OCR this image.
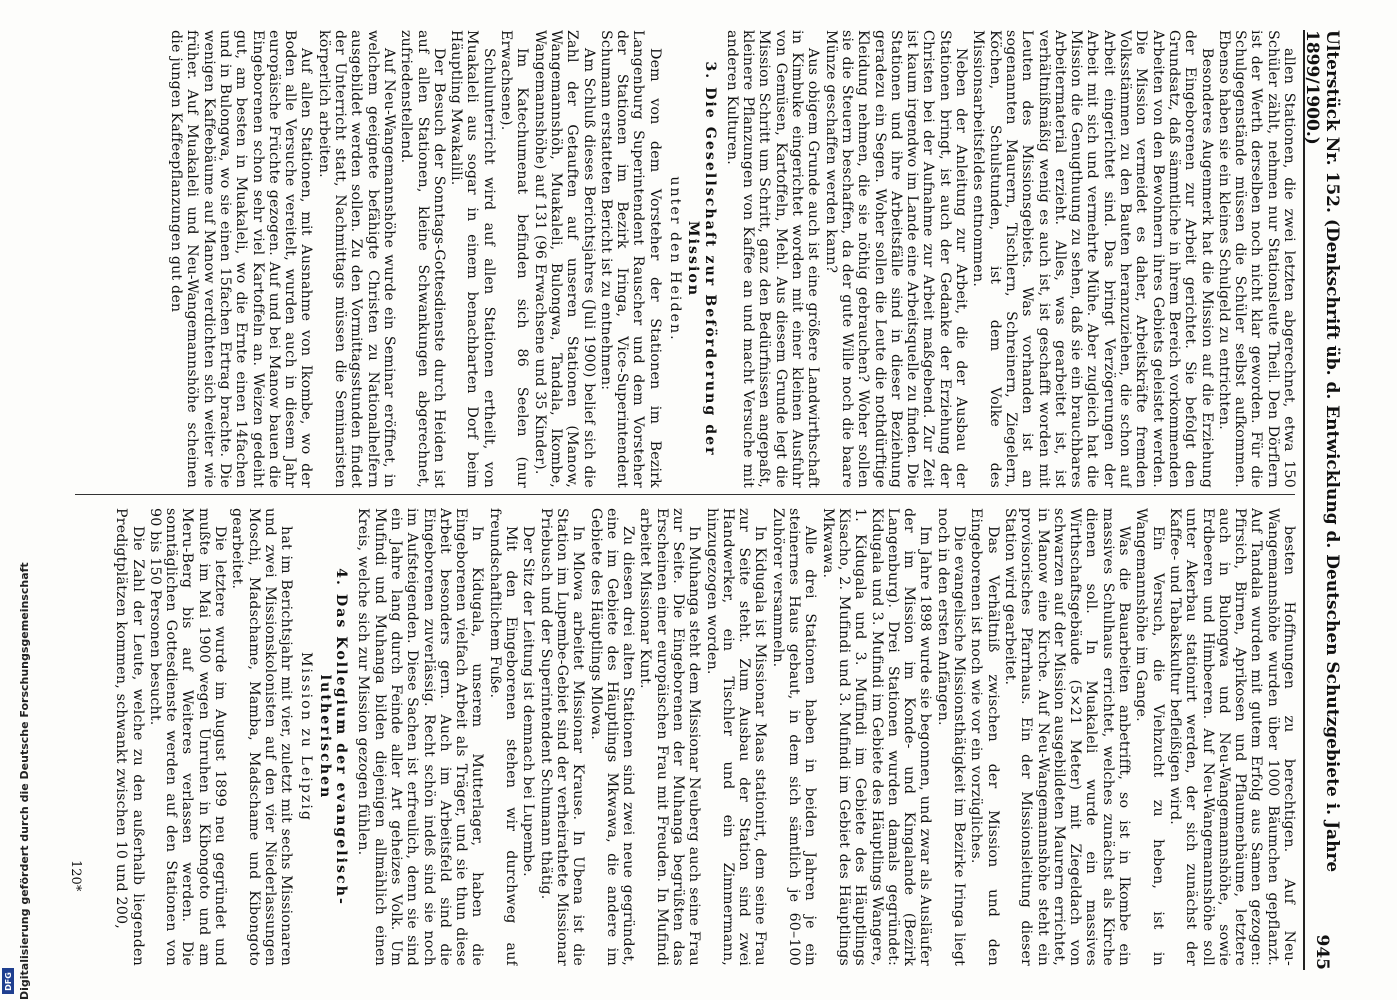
Ulterstück Nr. 152. (Denkschrift üb. d. Entwicklung d. Deutschen Schutzgebiete i. Jahre 1899/1900.)
945

allen Stationen, die zwei letzten abgerechnet, etwa 150 Schüler zählt, nehmen nur Stationsleute Theil. Den Dörflern ist der Werth derselben noch nicht klar geworden. Für die Schulgegenstände müssen die Schüler selbst aufkommen. Ebenso haben sie ein kleines Schulgeld zu entrichten.

Besonderes Augenmerk hat die Mission auf die Erziehung der Eingeborenen zur Arbeit gerichtet. Sie befolgt den Grundsatz, daß sämmtliche in ihrem Bereich vorkommenden Arbeiten von den Bewohnern ihres Gebiets geleistet werden. Die Mission vermeidet es daher, Arbeitskräfte fremden Volksstämmen zu den Bauten heranzuziehen, die schon auf Arbeit eingerichtet sind. Das bringt Verzögerungen der Arbeit mit sich und vermehrte Mühe. Aber zugleich hat die Mission die Genugthuung zu sehen, daß sie ein brauchbares Arbeitermaterial erzieht. Alles, was gearbeitet ist, ist verhältnißmäßig wenig es auch ist, ist geschafft worden mit Leuten des Missionsgebiets. Was vorhanden ist an sogenannten Maurern, Tischlern, Schreinern, Ziegelern, Köchen, Schulstunden, ist dem Volke des Missionsarbeitsfeldes entnommen.

Neben der Anleitung zur Arbeit, die der Ausbau der Stationen bringt, ist auch der Gedanke der Erziehung der Christen bei der Aufnahme zur Arbeit maßgebend. Zur Zeit ist kaum irgendwo im Lande eine Arbeitsquelle zu finden. Die Stationen und ihre Arbeitsfälle sind in dieser Beziehung geradezu ein Segen. Woher sollen die Leute die nothdürftige Kleidung nehmen, die sie nöthig gebrauchen? Woher sollen sie die Steuern beschaffen, da der gute Wille noch die baare Münze geschaffen werden kann?

Aus obigem Grunde auch ist eine größere Landwirthschaft in Kimbuke eingerichtet worden mit einer kleinen Ausfuhr von Gemüsen, Kartoffeln, Mehl. Aus diesem Grunde legt die Mission Schritt um Schritt, ganz den Bedürfnissen angepaßt, kleinere Pflanzungen von Kaffee an und macht Versuche mit anderen Kulturen.

3. Die Gesellschaft zur Beförderung der Mission

unter den Heiden.

Dem von dem Vorsteher der Stationen im Bezirk Langenburg Superintendent Rauscher und dem Vorsteher der Stationen im Bezirk Iringa, Vice-Superintendent Schumann erstatteten Bericht ist zu entnehmen:

Am Schluß dieses Berichtsjahres (Juli 1900) belief sich die Zahl der Getauften auf unseren Stationen (Manow, Wangemannshöh, Muakaleli, Bulongwa, Tandala, Ikombe, Wangemannshöhe) auf 131 (96 Erwachsene und 35 Kinder).

Im Katechumenat befinden sich 86 Seelen (nur Erwachsene).

Schulunterricht wird auf allen Stationen ertheilt, von Muakaleli aus sogar in einem benachbarten Dorf beim Häuptling Mwakalili.

Der Besuch der Sonntags-Gottesdienste durch Heiden ist auf allen Stationen, kleine Schwankungen abgerechnet, zufriedenstellend.

Auf Neu-Wangemannshöhe wurde ein Seminar eröffnet, in welchem geeignete befähigte Christen zu Nationalhelfern ausgebildet werden sollen. Zu den Vormittagsstunden findet der Unterricht statt, Nachmittags müssen die Seminaristen körperlich arbeiten.

Auf allen Stationen, mit Ausnahme von Ikombe, wo der Boden alle Versuche vereitelt, wurden auch in diesem Jahr europäische Früchte gezogen. Auf und bei Manow bauen die Eingeborenen schon sehr viel Kartoffeln an. Weizen gedeiht gut, am besten in Muakaleli, wo die Ernte einen 14fachen und in Bulongwa, wo sie einen 15fachen Ertrag brachte. Die wenigen Kaffeebäume auf Manow verdichten sich weiter wie früher. Auf Muakaleli und Neu-Wangemannshöhe scheinen die jungen Kaffeepflanzungen gut den

besten Hoffnungen zu berechtigen. Auf Neu-Wangemannshöhe wurden über 1000 Bäumchen gepflanzt. Auf Tandala wurden mit gutem Erfolg aus Samen gezogen: Pfirsich, Birnen, Aprikosen und Pflaumenbäume, letztere auch in Bulongwa und Neu-Wangemannshöhe, sowie Erdbeeren und Himbeeren. Auf Neu-Wangemannshöhe soll unter Akerbau stationirt werden, der sich zunächst der Kaffee- und Tabakskultur befleißigen wird.

Ein Versuch, die Viehzucht zu heben, ist in Wangemannshöhe im Gange.

Was die Bauarbeiten anbetrifft, so ist in Ikombe ein massives Schulhaus errichtet, welches zunächst als Kirche dienen soll. In Muakaleli wurde ein massives Wirthschaftsgebäude (5×21 Meter) mit Ziegeldach von schwarzen auf der Mission ausgebildeten Maurern errichtet, in Manow eine Kirche. Auf Neu-Wangemannshöhe steht ein provisorisches Pfarrhaus. Ein der Missionsleitung dieser Station wird gearbeitet.

Das Verhältniß zwischen der Mission und den Eingeborenen ist noch wie vor ein vorzügliches.

Die evangelische Missionsthätigkeit im Bezirke Iringa liegt noch in den ersten Anfängen.

Im Jahre 1898 wurde sie begonnen, und zwar als Ausläufer der im Mission im Konde- und Kingalande (Bezirk Langenburg). Drei Stationen wurden damals gegründet: Kidugala und 3. Mufindi im Gebiete des Häuptlings Wangere, 1. Kidugala und 3. Mufindi im Gebiete des Häuptlings Kisacho, 2. Mufindi und 3. Mufindi im Gebiet des Häuptlings Mkwawa.

Alle drei Stationen haben in beiden Jahren je ein steinernes Haus gebaut, in dem sich sämtlich je 60–100 Zuhörer versammeln.

In Kidugala ist Missionar Maas stationirt, dem seine Frau zur Seite steht. Zum Ausbau der Station sind zwei Handwerker, ein Tischler und ein Zimmermann, hinzugezogen worden.

In Muhanga steht dem Missionar Neuberg auch seine Frau zur Seite. Die Eingeborenen der Muhanga begrüßten das Erscheinen einer europäischen Frau mit Freuden. In Mufindi arbeitet Missionar Kunt.

Zu diesen drei alten Stationen sind zwei neue gegründet, eine im Gebiete des Häuptlings Mkwawa, die andere im Gebiete des Häuptlings Mlowa.

In Mlowa arbeitet Missionar Krause. In Ubena ist die Station im Lupembe-Gebiet sind der verheirathete Missionar Priebusch und der Superintendent Schumann thätig.

Der Sitz der Leitung ist demnach bei Lupembe.

Mit den Eingeborenen stehen wir durchweg auf freundschaftlichem Fuße.

In Kidugala, unserem Mutterlager, haben die Eingeborenen vielfach Arbeit als Träger, und sie thun diese Arbeit besonders gern. Auch im Arbeitsfeld sind die Eingeborenen zuverlässig. Recht schön indeß sind sie noch im Aufsteigenden. Diese Sachen ist erfreulich, denn sie sind ein Jahre lang durch Feinde aller Art geheizes Volk. Um Mufindi und Muhanga bilden diejenigen allmählich einen Kreis, welche sich zur Mission gezogen fühlen.

4. Das Kollegium der evangelisch-lutherischen

Mission zu Leipzig

hat im Berichtsjahr mit vier, zuletzt mit sechs Missionaren und zwei Missionskolonisten auf den vier Niederlassungen Moschi, Madschame, Mamba, Madschame und Kibongoto gearbeitet.

Die letztere wurde im August 1899 neu gegründet und mußte im Mai 1900 wegen Unruhen in Kibongoto und am Meru-Berg bis auf Weiteres verlassen werden. Die sonntäglichen Gottesdienste werden auf den Stationen von 90 bis 150 Personen besucht.

Die Zahl der Leute, welche zu den außerhalb liegenden Predigtplätzen kommen, schwankt zwischen 10 und 200,

120*
Digitalisierung gefördert durch die Deutsche Forschungsgemeinschaft
DFG
